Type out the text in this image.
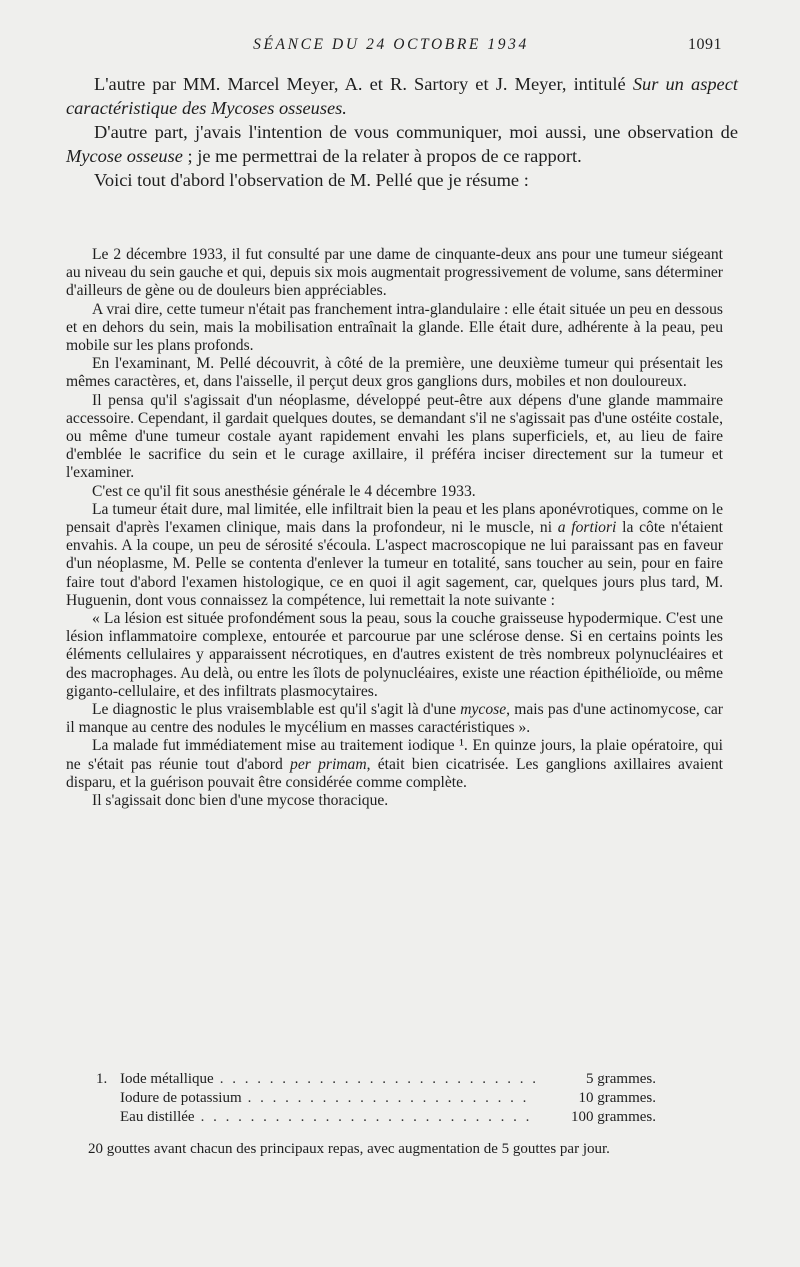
SÉANCE DU 24 OCTOBRE 1934	1091

L'autre par MM. Marcel Meyer, A. et R. Sartory et J. Meyer, intitulé Sur un aspect caractéristique des Mycoses osseuses.

D'autre part, j'avais l'intention de vous communiquer, moi aussi, une observation de Mycose osseuse ; je me permettrai de la relater à propos de ce rapport.

Voici tout d'abord l'observation de M. Pellé que je résume :

Le 2 décembre 1933, il fut consulté par une dame de cinquante-deux ans pour une tumeur siégeant au niveau du sein gauche et qui, depuis six mois augmentait progressivement de volume, sans déterminer d'ailleurs de gène ou de douleurs bien appréciables.

A vrai dire, cette tumeur n'était pas franchement intra-glandulaire : elle était située un peu en dessous et en dehors du sein, mais la mobilisation entraînait la glande. Elle était dure, adhérente à la peau, peu mobile sur les plans profonds.

En l'examinant, M. Pellé découvrit, à côté de la première, une deuxième tumeur qui présentait les mêmes caractères, et, dans l'aisselle, il perçut deux gros ganglions durs, mobiles et non douloureux.

Il pensa qu'il s'agissait d'un néoplasme, développé peut-être aux dépens d'une glande mammaire accessoire. Cependant, il gardait quelques doutes, se demandant s'il ne s'agissait pas d'une ostéite costale, ou même d'une tumeur costale ayant rapidement envahi les plans superficiels, et, au lieu de faire d'emblée le sacrifice du sein et le curage axillaire, il préféra inciser directement sur la tumeur et l'examiner.

C'est ce qu'il fit sous anesthésie générale le 4 décembre 1933.

La tumeur était dure, mal limitée, elle infiltrait bien la peau et les plans aponévrotiques, comme on le pensait d'après l'examen clinique, mais dans la profondeur, ni le muscle, ni a fortiori la côte n'étaient envahis. A la coupe, un peu de sérosité s'écoula. L'aspect macroscopique ne lui paraissant pas en faveur d'un néoplasme, M. Pelle se contenta d'enlever la tumeur en totalité, sans toucher au sein, pour en faire faire tout d'abord l'examen histologique, ce en quoi il agit sagement, car, quelques jours plus tard, M. Huguenin, dont vous connaissez la compétence, lui remettait la note suivante :

« La lésion est située profondément sous la peau, sous la couche graisseuse hypodermique. C'est une lésion inflammatoire complexe, entourée et parcourue par une sclérose dense. Si en certains points les éléments cellulaires y apparaissent nécrotiques, en d'autres existent de très nombreux polynucléaires et des macrophages. Au delà, ou entre les îlots de polynucléaires, existe une réaction épithélioïde, ou même giganto-cellulaire, et des infiltrats plasmocytaires.

Le diagnostic le plus vraisemblable est qu'il s'agit là d'une mycose, mais pas d'une actinomycose, car il manque au centre des nodules le mycélium en masses caractéristiques ».

La malade fut immédiatement mise au traitement iodique ¹. En quinze jours, la plaie opératoire, qui ne s'était pas réunie tout d'abord per primam, était bien cicatrisée. Les ganglions axillaires avaient disparu, et la guérison pouvait être considérée comme complète.

Il s'agissait donc bien d'une mycose thoracique.

1. Iode métallique . . .	5 grammes.
Iodure de potassium . . .	10 grammes.
Eau distillée . . .	100 grammes.

20 gouttes avant chacun des principaux repas, avec augmentation de 5 gouttes par jour.
